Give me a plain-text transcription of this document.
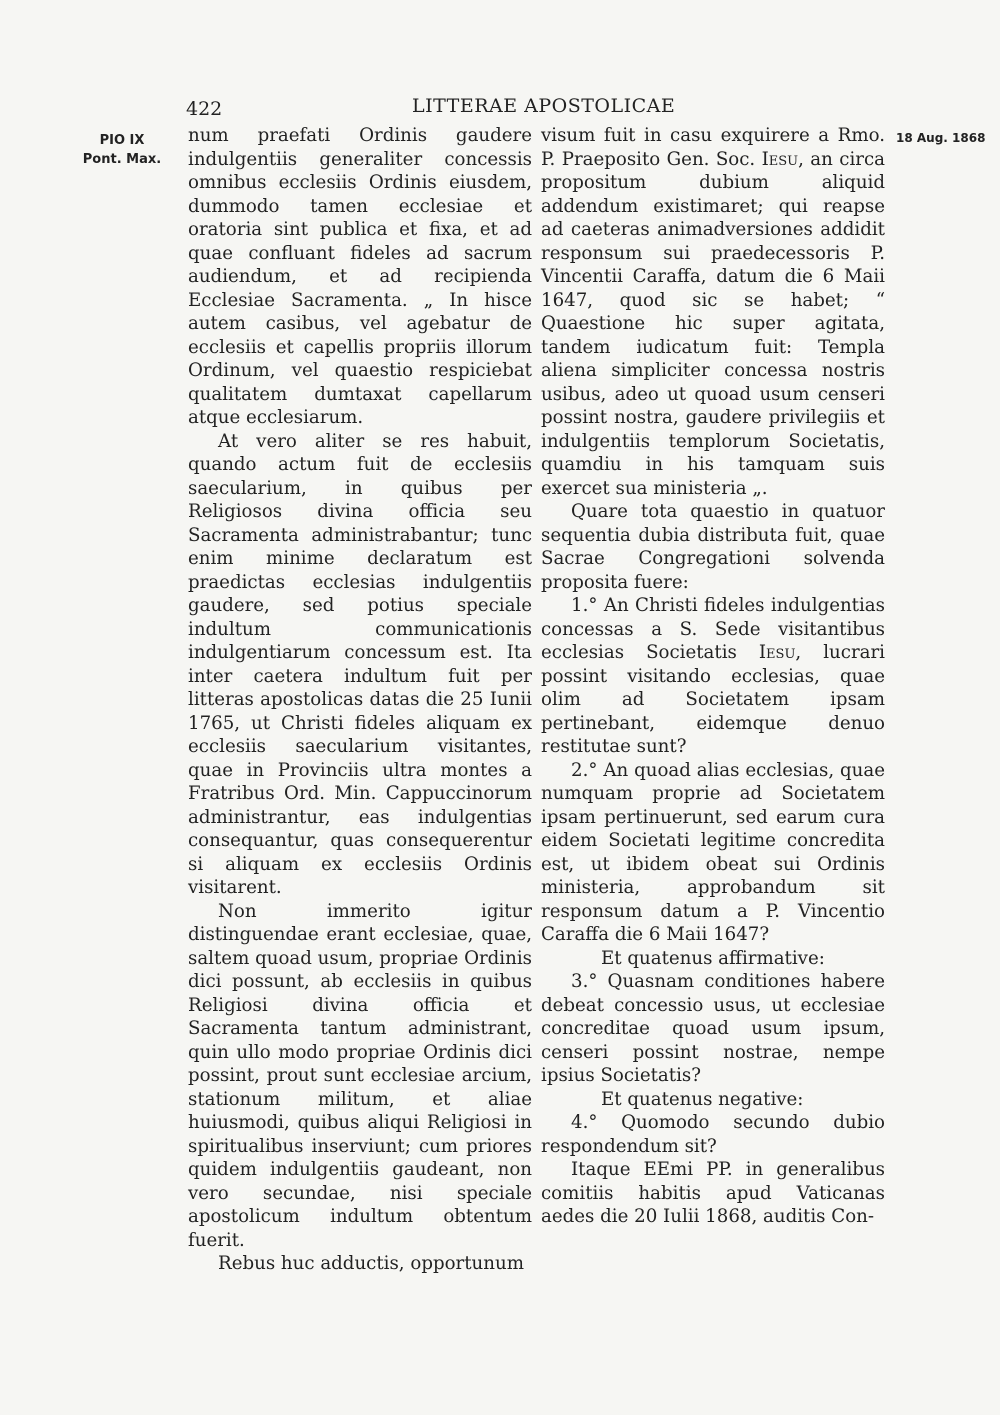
422	LITTERAE APOSTOLICAE
PIO IX
Pont. Max.
18 Aug. 1868

num praefati Ordinis gaudere indulgentiis generaliter concessis omnibus ecclesiis Ordinis eiusdem, dummodo tamen ecclesiae et oratoria sint publica et fixa, et ad quae confluant fideles ad sacrum audiendum, et ad recipienda Ecclesiae Sacramenta. „ In hisce autem casibus, vel agebatur de ecclesiis et capellis propriis illorum Ordinum, vel quaestio respiciebat qualitatem dumtaxat capellarum atque ecclesiarum.

At vero aliter se res habuit, quando actum fuit de ecclesiis saecularium, in quibus per Religiosos divina officia seu Sacramenta administrabantur; tunc enim minime declaratum est praedictas ecclesias indulgentiis gaudere, sed potius speciale indultum communicationis indulgentiarum concessum est. Ita inter caetera indultum fuit per litteras apostolicas datas die 25 Iunii 1765, ut Christi fideles aliquam ex ecclesiis saecularium visitantes, quae in Provinciis ultra montes a Fratribus Ord. Min. Cappuccinorum administrantur, eas indulgentias consequantur, quas consequerentur si aliquam ex ecclesiis Ordinis visitarent.

Non immerito igitur distinguendae erant ecclesiae, quae, saltem quoad usum, propriae Ordinis dici possunt, ab ecclesiis in quibus Religiosi divina officia et Sacramenta tantum administrant, quin ullo modo propriae Ordinis dici possint, prout sunt ecclesiae arcium, stationum militum, et aliae huiusmodi, quibus aliqui Religiosi in spiritualibus inserviunt; cum priores quidem indulgentiis gaudeant, non vero secundae, nisi speciale apostolicum indultum obtentum fuerit.

Rebus huc adductis, opportunum

visum fuit in casu exquirere a Rmo. P. Praeposito Gen. Soc. Iesu, an circa propositum dubium aliquid addendum existimaret; qui reapse ad caeteras animadversiones addidit responsum sui praedecessoris P. Vincentii Caraffa, datum die 6 Maii 1647, quod sic se habet; “ Quaestione hic super agitata, tandem iudicatum fuit: Templa aliena simpliciter concessa nostris usibus, adeo ut quoad usum censeri possint nostra, gaudere privilegiis et indulgentiis templorum Societatis, quamdiu in his tamquam suis exercet sua ministeria „.

Quare tota quaestio in quatuor sequentia dubia distributa fuit, quae Sacrae Congregationi solvenda proposita fuere:

1.° An Christi fideles indulgentias concessas a S. Sede visitantibus ecclesias Societatis Iesu, lucrari possint visitando ecclesias, quae olim ad Societatem ipsam pertinebant, eidemque denuo restitutae sunt?

2.° An quoad alias ecclesias, quae numquam proprie ad Societatem ipsam pertinuerunt, sed earum cura eidem Societati legitime concredita est, ut ibidem obeat sui Ordinis ministeria, approbandum sit responsum datum a P. Vincentio Caraffa die 6 Maii 1647?

Et quatenus affirmative:

3.° Quasnam conditiones habere debeat concessio usus, ut ecclesiae concreditae quoad usum ipsum, censeri possint nostrae, nempe ipsius Societatis?

Et quatenus negative:

4.° Quomodo secundo dubio respondendum sit?

Itaque EEmi PP. in generalibus comitiis habitis apud Vaticanas aedes die 20 Iulii 1868, auditis Con-
